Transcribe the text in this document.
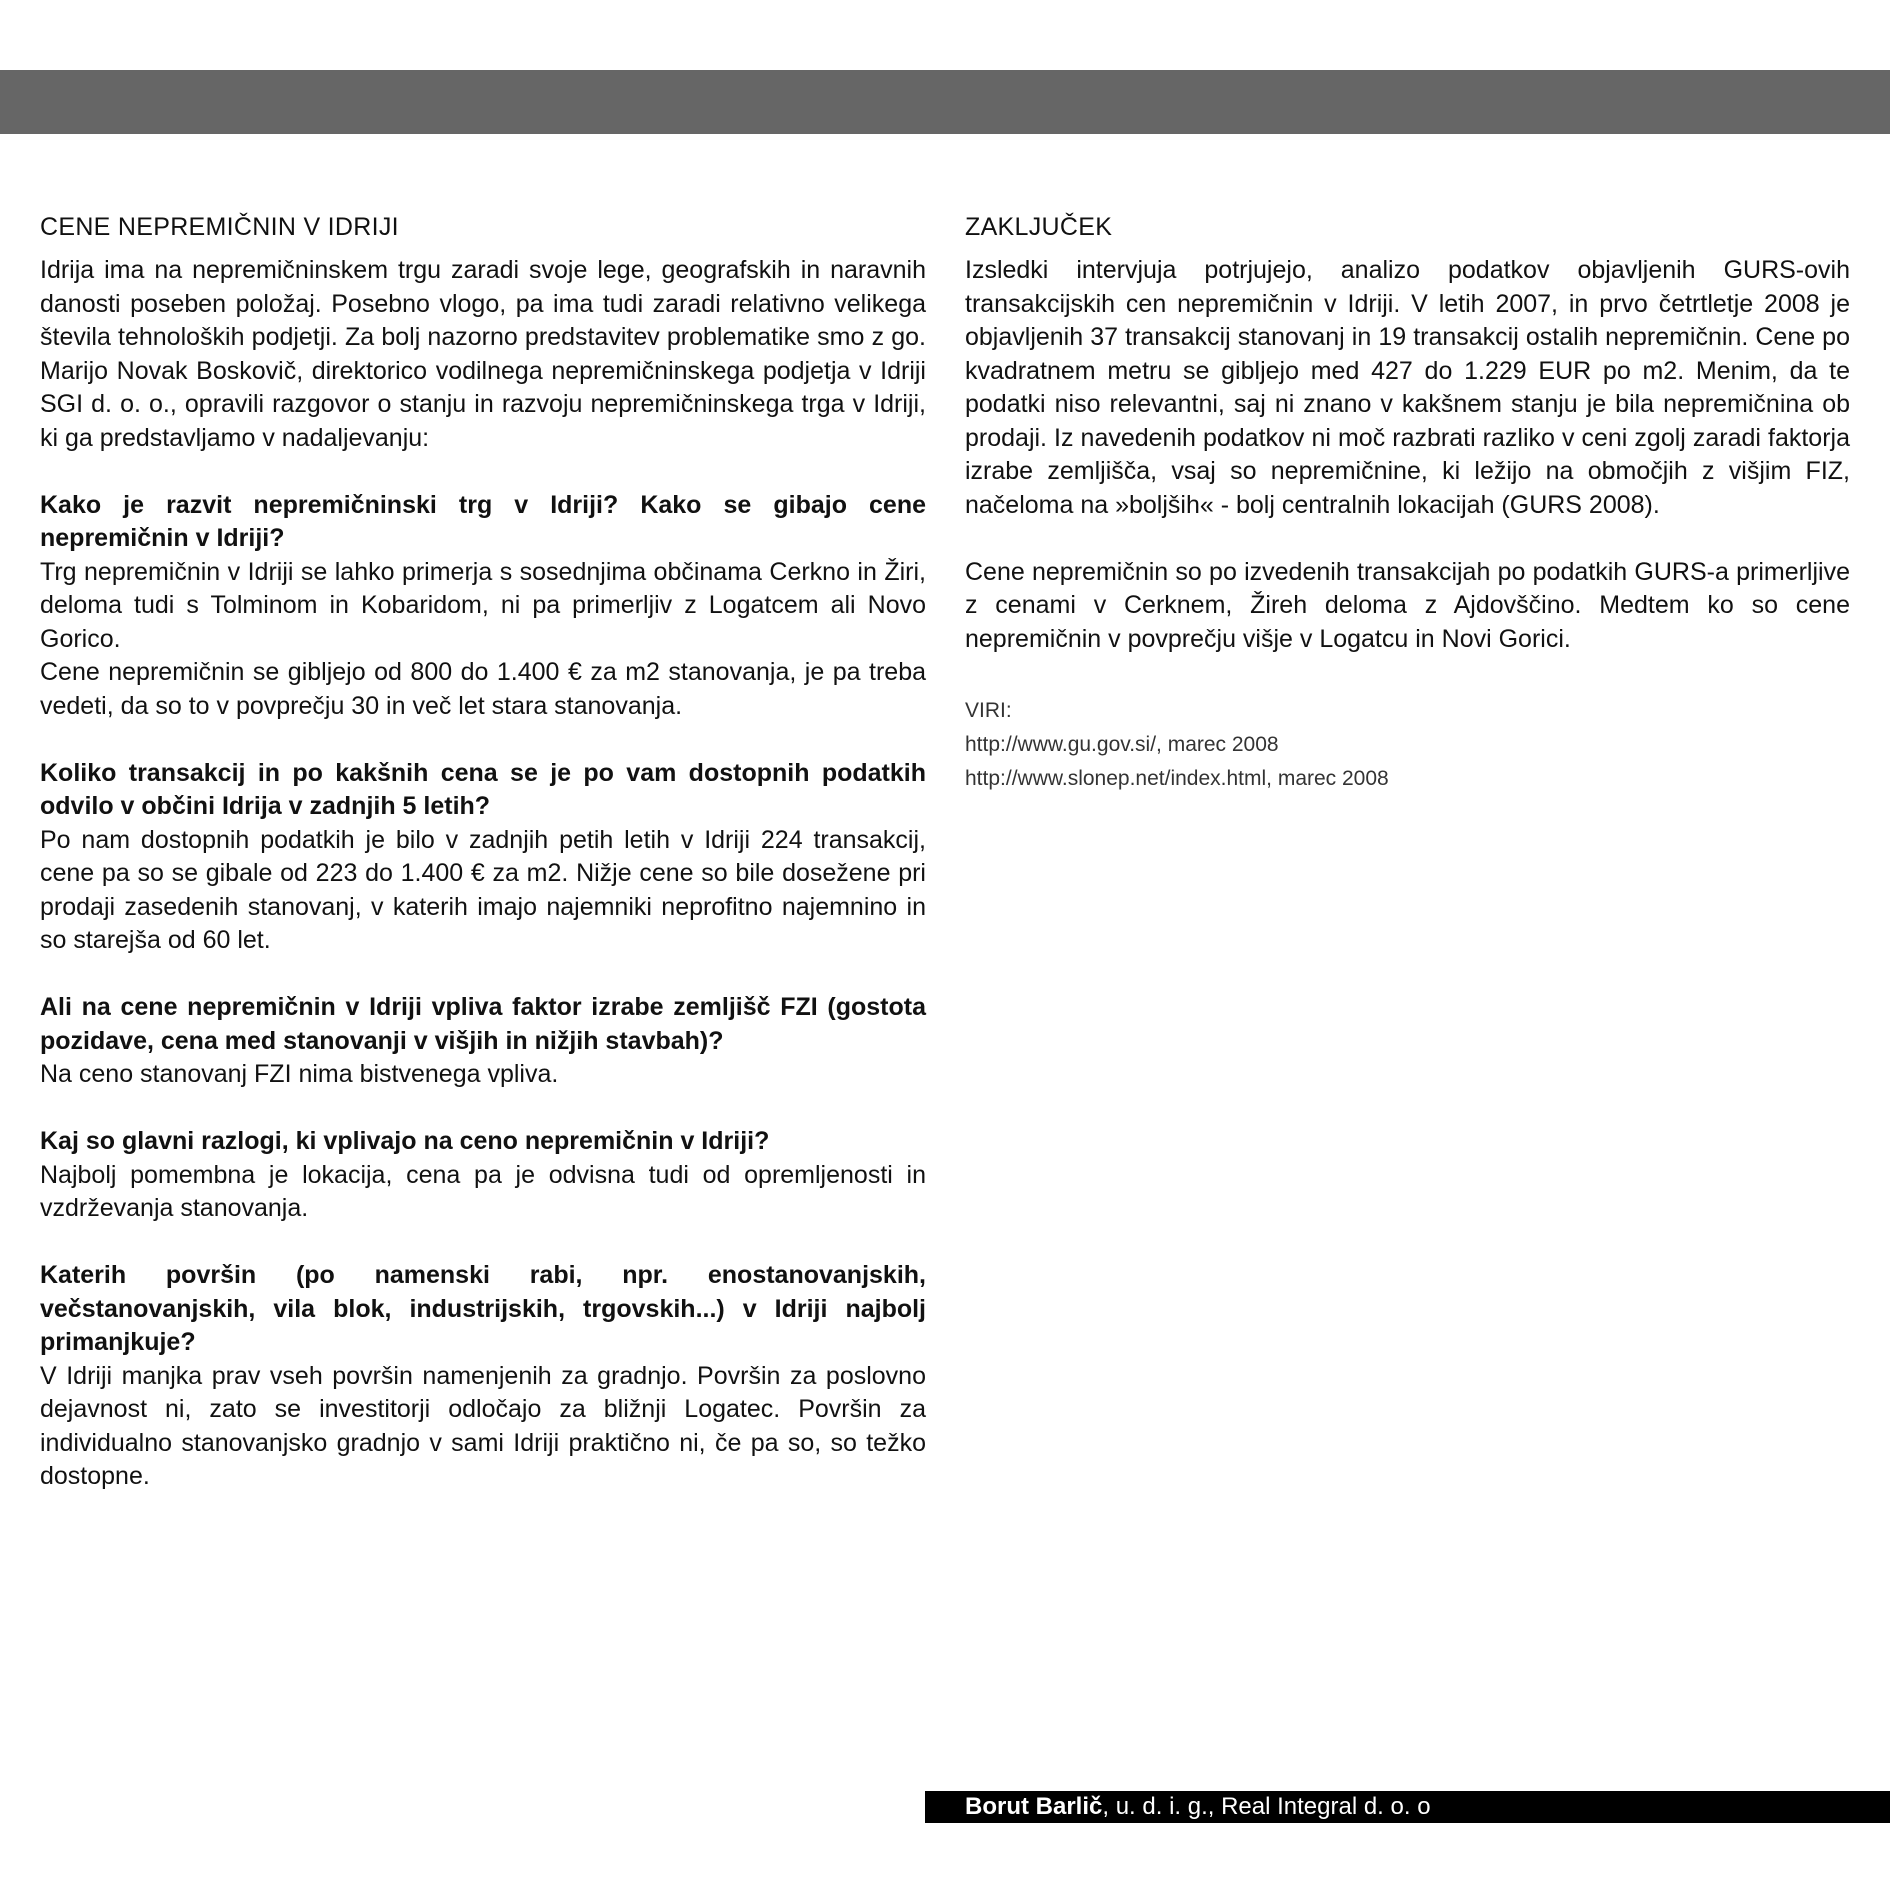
CENE NEPREMIČNIN V IDRIJI

Idrija ima na nepremičninskem trgu zaradi svoje lege, geografskih in naravnih danosti poseben položaj. Posebno vlogo, pa ima tudi zaradi relativno velikega števila tehnoloških podjetji. Za bolj nazorno predstavitev problematike smo z go. Marijo Novak Boskovič, direktorico vodilnega nepremičninskega podjetja v Idriji SGI d. o. o., opravili razgovor o stanju in razvoju nepremičninskega trga v Idriji, ki ga predstavljamo v nadaljevanju:

Kako je razvit nepremičninski trg v Idriji? Kako se gibajo cene nepremičnin v Idriji?

Trg nepremičnin v Idriji se lahko primerja s sosednjima občinama Cerkno in Žiri, deloma tudi s Tolminom in Kobaridom, ni pa primerljiv z Logatcem ali Novo Gorico.

Cene nepremičnin se gibljejo od 800 do 1.400 € za m2 stanovanja, je pa treba vedeti, da so to v povprečju 30 in več let stara stanovanja.

Koliko transakcij in po kakšnih cena se je po vam dostopnih podatkih odvilo v občini Idrija v zadnjih 5 letih?

Po nam dostopnih podatkih je bilo v zadnjih petih letih v Idriji 224 transakcij, cene pa so se gibale od 223 do 1.400 € za m2. Nižje cene so bile dosežene pri prodaji zasedenih stanovanj, v katerih imajo najemniki neprofitno najemnino in so starejša od 60 let.

Ali na cene nepremičnin v Idriji vpliva faktor izrabe zemljišč FZI (gostota pozidave, cena med stanovanji v višjih in nižjih stavbah)?

Na ceno stanovanj FZI nima bistvenega vpliva.

Kaj so glavni razlogi, ki vplivajo na ceno nepremičnin v Idriji?

Najbolj pomembna je lokacija, cena pa je odvisna tudi od opremljenosti in vzdrževanja stanovanja.

Katerih površin (po namenski rabi, npr. enostanovanjskih, večstanovanjskih, vila blok, industrijskih, trgovskih...) v Idriji najbolj primanjkuje?

V Idriji manjka prav vseh površin namenjenih za gradnjo. Površin za poslovno dejavnost ni, zato se investitorji odločajo za bližnji Logatec. Površin za individualno stanovanjsko gradnjo v sami Idriji praktično ni, če pa so, so težko dostopne.

ZAKLJUČEK

Izsledki intervjuja potrjujejo, analizo podatkov objavljenih GURS-ovih transakcijskih cen nepremičnin v Idriji. V letih 2007, in prvo četrtletje 2008 je objavljenih 37 transakcij stanovanj in 19 transakcij ostalih nepremičnin. Cene po kvadratnem metru se gibljejo med 427 do 1.229 EUR po m2. Menim, da te podatki niso relevantni, saj ni znano v kakšnem stanju je bila nepremičnina ob prodaji. Iz navedenih podatkov ni moč razbrati razliko v ceni zgolj zaradi faktorja izrabe zemljišča, vsaj so nepremičnine, ki ležijo na območjih z višjim FIZ, načeloma na »boljših« - bolj centralnih lokacijah (GURS 2008).

Cene nepremičnin so po izvedenih transakcijah po podatkih GURS-a primerljive z cenami v Cerknem, Žireh deloma z Ajdovščino. Medtem ko so cene nepremičnin v povprečju višje v Logatcu in Novi Gorici.

VIRI:
http://www.gu.gov.si/, marec 2008
http://www.slonep.net/index.html, marec 2008
Borut Barlič, u. d. i. g., Real Integral d. o. o
